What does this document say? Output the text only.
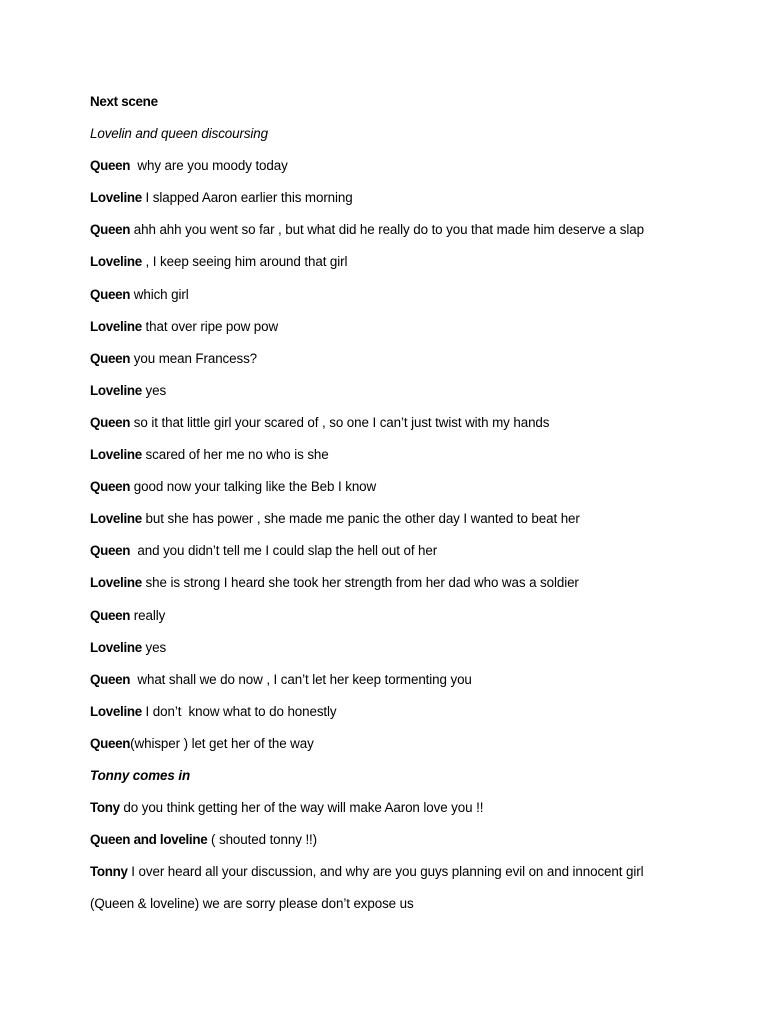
Next scene
Lovelin and queen discoursing
Queen  why are you moody today
Loveline I slapped Aaron earlier this morning
Queen ahh ahh you went so far , but what did he really do to you that made him deserve a slap
Loveline , I keep seeing him around that girl
Queen which girl
Loveline that over ripe pow pow
Queen you mean Francess?
Loveline yes
Queen so it that little girl your scared of , so one I can’t just twist with my hands
Loveline scared of her me no who is she
Queen good now your talking like the Beb I know
Loveline but she has power , she made me panic the other day I wanted to beat her
Queen  and you didn’t tell me I could slap the hell out of her
Loveline she is strong I heard she took her strength from her dad who was a soldier
Queen really
Loveline yes
Queen  what shall we do now , I can’t let her keep tormenting you
Loveline I don’t  know what to do honestly
Queen(whisper ) let get her of the way
Tonny comes in
Tony do you think getting her of the way will make Aaron love you !!
Queen and loveline ( shouted tonny !!)
Tonny I over heard all your discussion, and why are you guys planning evil on and innocent girl
(Queen & loveline) we are sorry please don’t expose us
